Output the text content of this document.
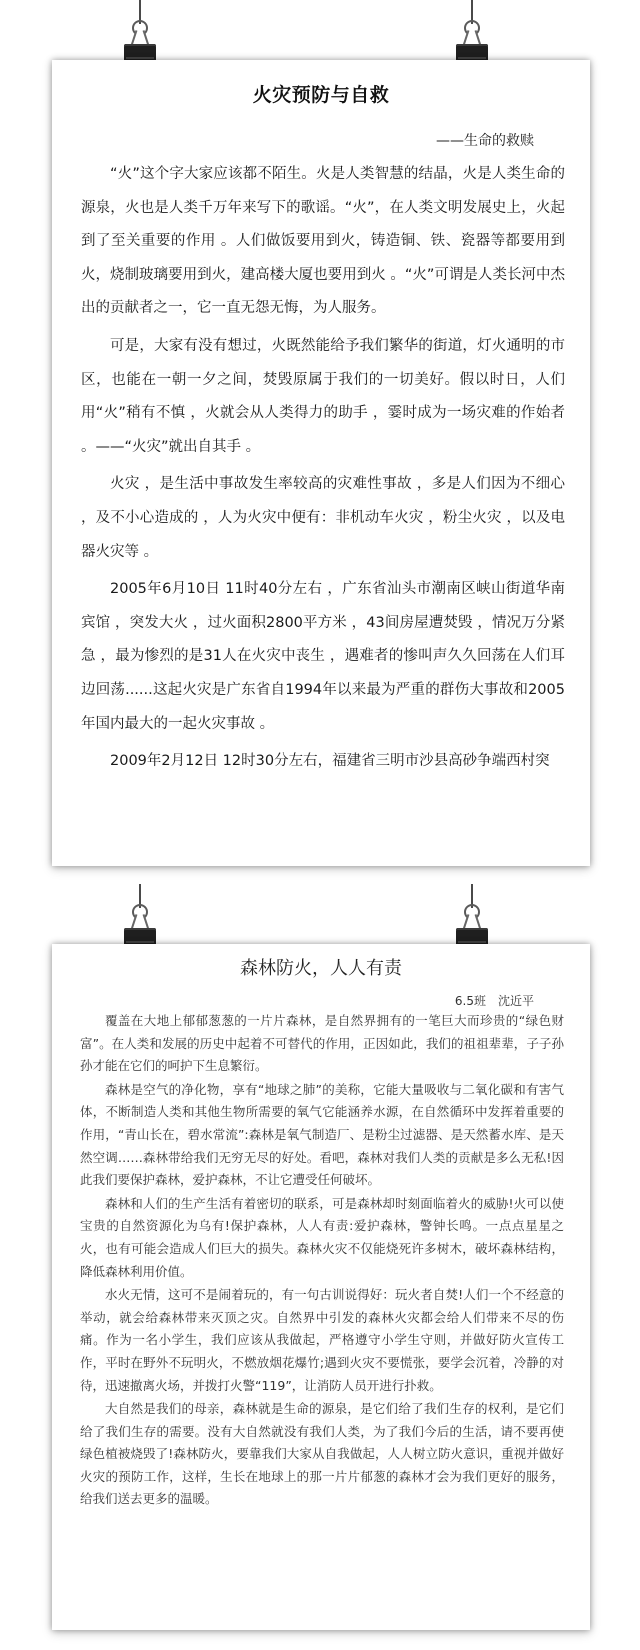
火灾预防与自救
——生命的救赎

“火”这个字大家应该都不陌生。火是人类智慧的结晶，火是人类生命的源泉，火也是人类千万年来写下的歌谣。“火”，在人类文明发展史上，火起到了至关重要的作用 。人们做饭要用到火，铸造铜、铁、瓷器等都要用到火，烧制玻璃要用到火，建高楼大厦也要用到火 。“火”可谓是人类长河中杰出的贡献者之一，它一直无怨无悔，为人服务。

可是，大家有没有想过，火既然能给予我们繁华的街道，灯火通明的市区，也能在一朝一夕之间，焚毁原属于我们的一切美好。假以时日，人们用“火”稍有不慎 ，火就会从人类得力的助手 ，霎时成为一场灾难的作始者 。——“火灾”就出自其手 。

火灾 ，是生活中事故发生率较高的灾难性事故 ，多是人们因为不细心 ，及不小心造成的 ，人为火灾中便有：非机动车火灾 ，粉尘火灾 ，以及电器火灾等 。

2005年6月10日 11时40分左右 ，广东省汕头市潮南区峡山街道华南宾馆 ，突发大火 ，过火面积2800平方米 ，43间房屋遭焚毁 ，情况万分紧急 ，最为惨烈的是31人在火灾中丧生 ，遇难者的惨叫声久久回荡在人们耳边回荡......这起火灾是广东省自1994年以来最为严重的群伤大事故和2005年国内最大的一起火灾事故 。

2009年2月12日 12时30分左右，福建省三明市沙县高砂争端西村突

森林防火，人人有责
6.5班　沈近平

覆盖在大地上郁郁葱葱的一片片森林，是自然界拥有的一笔巨大而珍贵的“绿色财富”。在人类和发展的历史中起着不可替代的作用，正因如此，我们的祖祖辈辈，子子孙孙才能在它们的呵护下生息繁衍。

森林是空气的净化物，享有“地球之肺”的美称，它能大量吸收与二氧化碳和有害气体，不断制造人类和其他生物所需要的氧气它能涵养水源，在自然循环中发挥着重要的作用，“青山长在，碧水常流”:森林是氧气制造厂、是粉尘过滤器、是天然蓄水库、是天然空调……森林带给我们无穷无尽的好处。看吧，森林对我们人类的贡献是多么无私!因此我们要保护森林，爱护森林，不让它遭受任何破坏。

森林和人们的生产生活有着密切的联系，可是森林却时刻面临着火的威胁!火可以使宝贵的自然资源化为乌有!保护森林，人人有责:爱护森林，警钟长鸣。一点点星星之火，也有可能会造成人们巨大的损失。森林火灾不仅能烧死许多树木，破坏森林结构，降低森林利用价值。

水火无情，这可不是闹着玩的，有一句古训说得好：玩火者自焚!人们一个不经意的举动，就会给森林带来灭顶之灾。自然界中引发的森林火灾都会给人们带来不尽的伤痛。作为一名小学生，我们应该从我做起，严格遵守小学生守则，并做好防火宣传工作，平时在野外不玩明火，不燃放烟花爆竹;遇到火灾不要慌张，要学会沉着，冷静的对待，迅速撤离火场，并拨打火警“119”，让消防人员开进行扑救。

大自然是我们的母亲，森林就是生命的源泉，是它们给了我们生存的权利，是它们给了我们生存的需要。没有大自然就没有我们人类，为了我们今后的生活，请不要再使绿色植被烧毁了!森林防火，要靠我们大家从自我做起，人人树立防火意识，重视并做好火灾的预防工作，这样，生长在地球上的那一片片郁葱的森林才会为我们更好的服务，给我们送去更多的温暖。
